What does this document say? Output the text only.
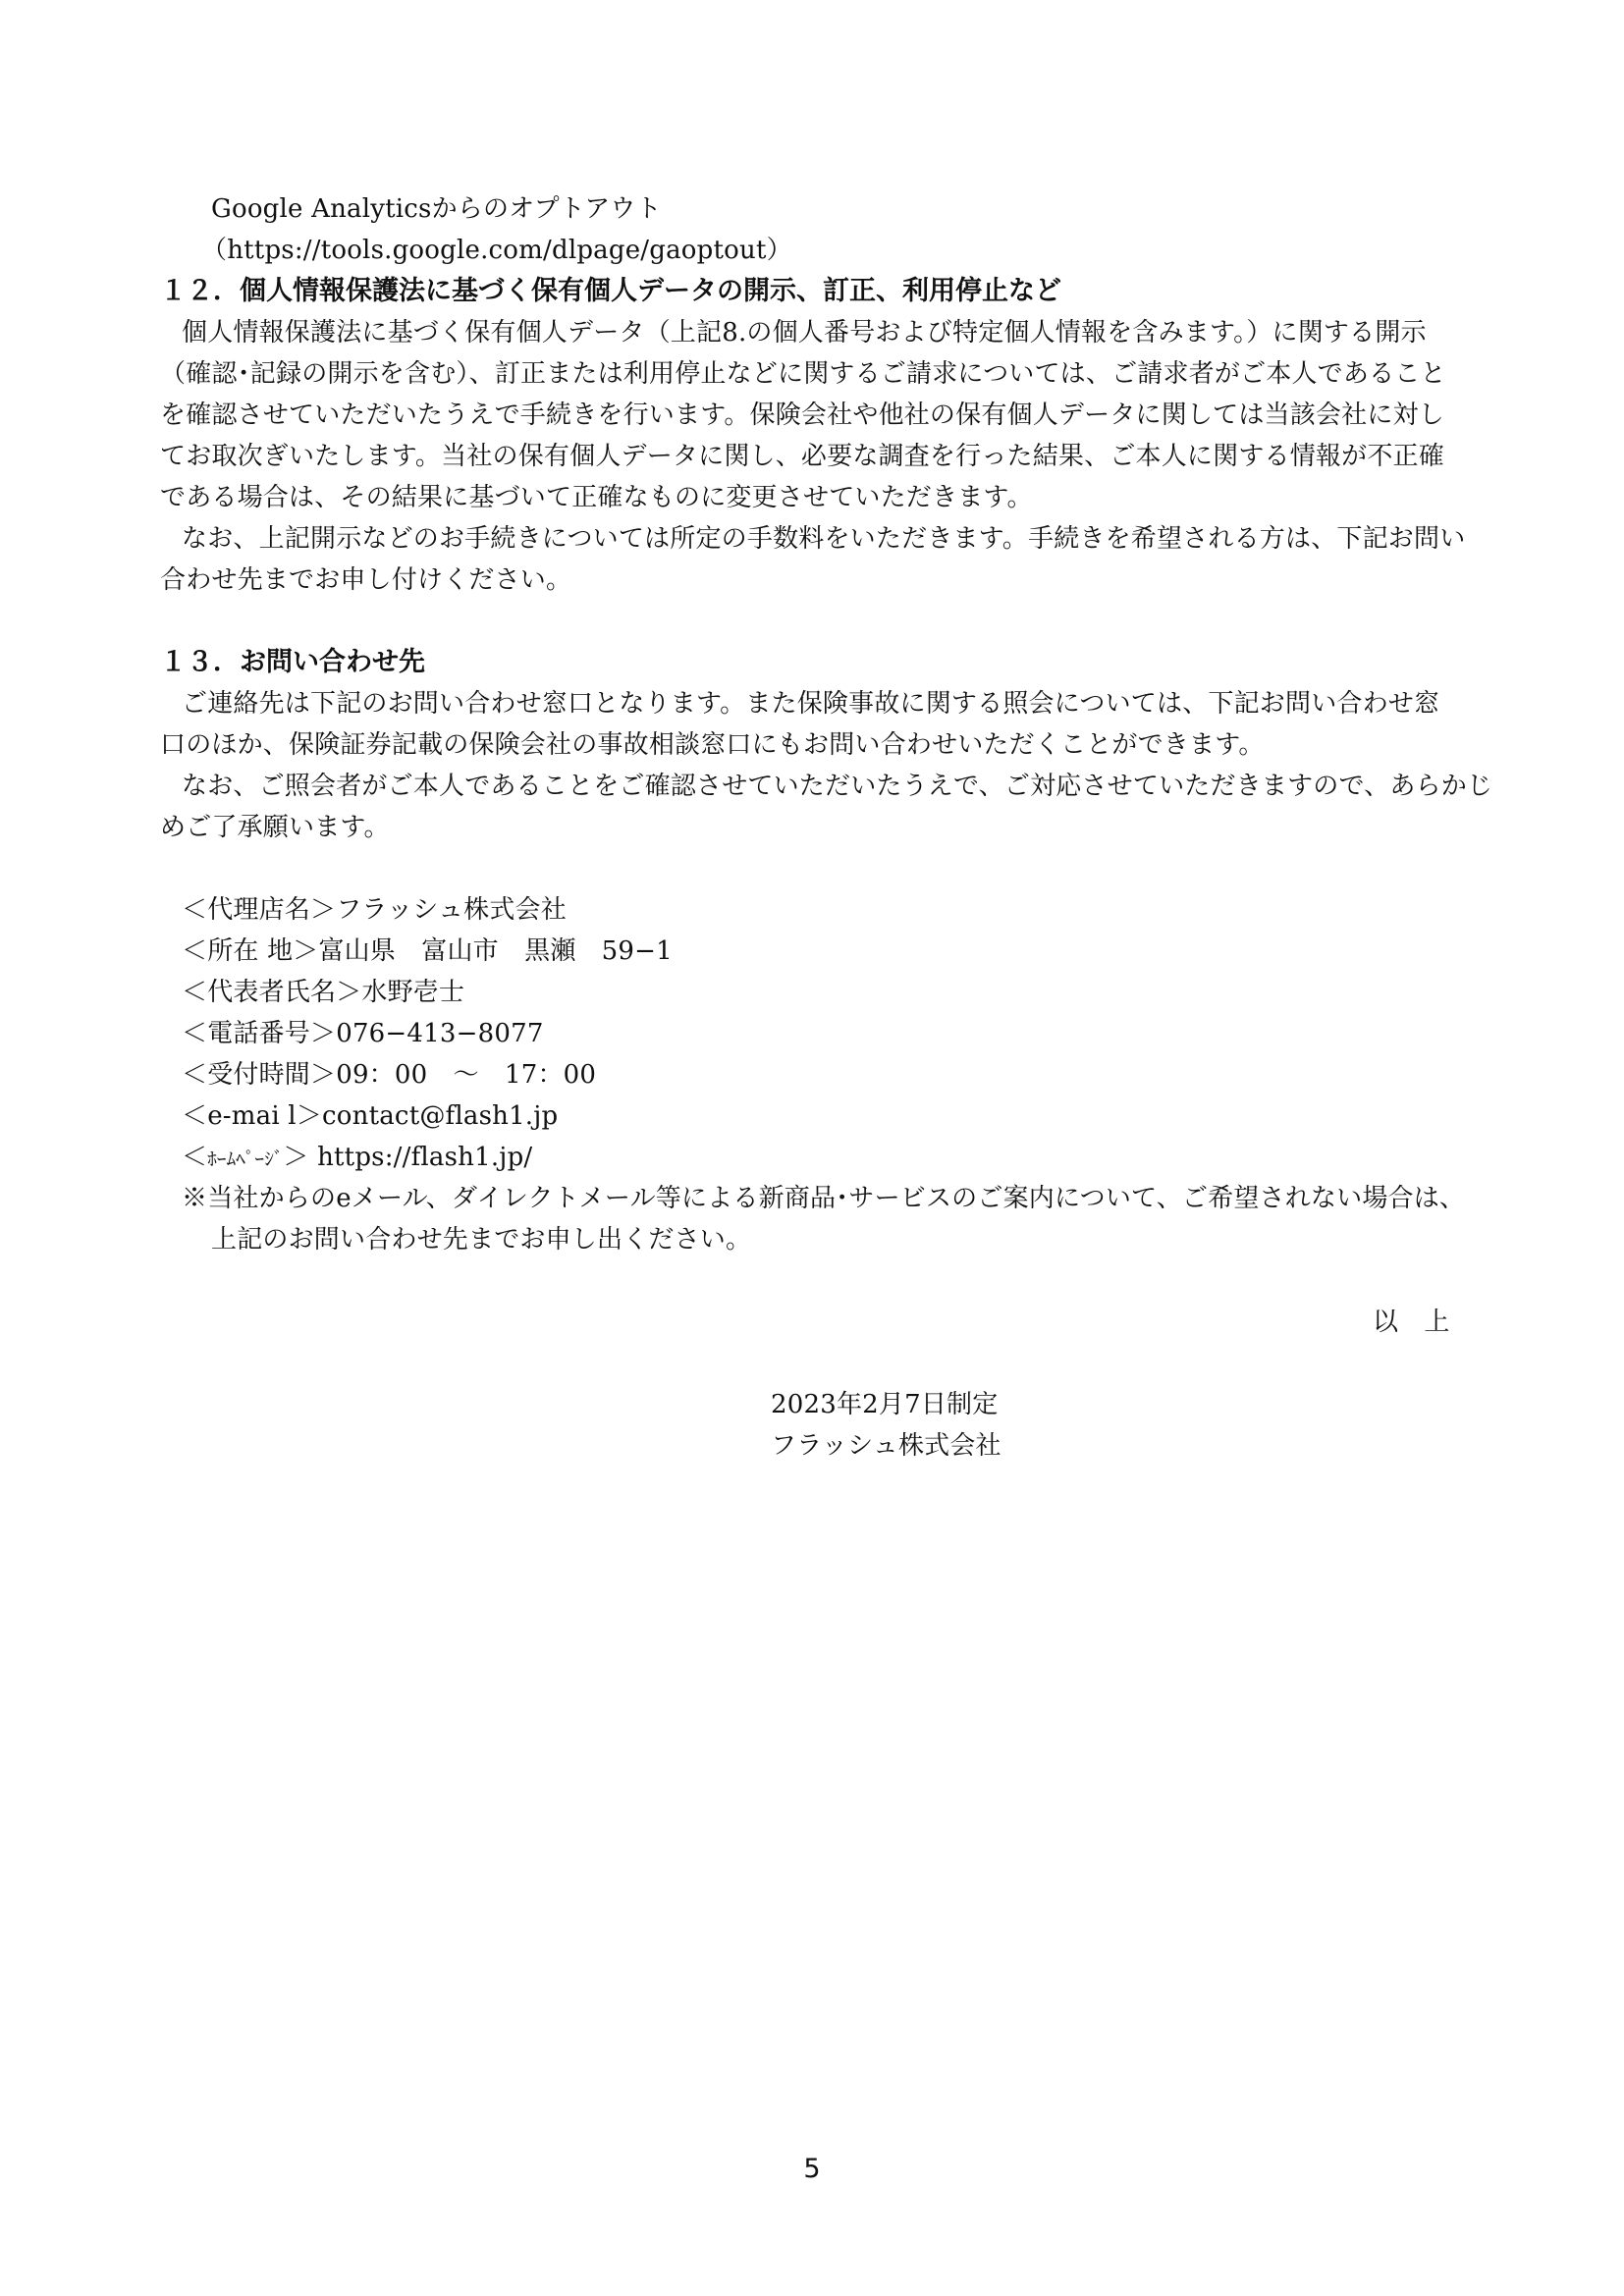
Google Analyticsからのオプトアウト
（https://tools.google.com/dlpage/gaoptout）
１２．個人情報保護法に基づく保有個人データの開示、訂正、利用停止など
個人情報保護法に基づく保有個人データ（上記8.の個人番号および特定個人情報を含みます。）に関する開示
（確認･記録の開示を含む）、訂正または利用停止などに関するご請求については、ご請求者がご本人であること
を確認させていただいたうえで手続きを行います。保険会社や他社の保有個人データに関しては当該会社に対し
てお取次ぎいたします。当社の保有個人データに関し、必要な調査を行った結果、ご本人に関する情報が不正確
である場合は、その結果に基づいて正確なものに変更させていただきます。
なお、上記開示などのお手続きについては所定の手数料をいただきます。手続きを希望される方は、下記お問い
合わせ先までお申し付けください。
１３．お問い合わせ先
ご連絡先は下記のお問い合わせ窓口となります。また保険事故に関する照会については、下記お問い合わせ窓
口のほか、保険証券記載の保険会社の事故相談窓口にもお問い合わせいただくことができます。
なお、ご照会者がご本人であることをご確認させていただいたうえで、ご対応させていただきますので、あらかじ
めご了承願います。
＜代理店名＞フラッシュ株式会社
＜所在 地＞富山県　富山市　黒瀬　59−1
＜代表者氏名＞水野壱士
＜電話番号＞076−413−8077
＜受付時間＞09：00　～　17：00
＜e-mai l＞contact@flash1.jp
＜ﾎｰﾑﾍﾟｰｼﾞ＞ https://flash1.jp/
※当社からのeメール、ダイレクトメール等による新商品･サービスのご案内について、ご希望されない場合は、
上記のお問い合わせ先までお申し出ください。
以　上
2023年2月7日制定
フラッシュ株式会社
5
